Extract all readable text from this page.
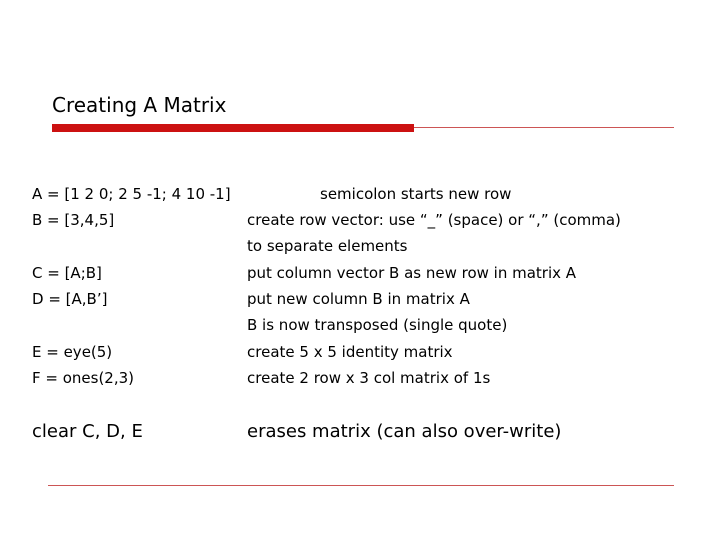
Creating A Matrix
A = [1 2 0; 2 5 -1; 4 10 -1]	semicolon starts new row
B = [3,4,5]	create row vector: use “_” (space) or “,” (comma)
to separate elements
C = [A;B]	put column vector B as new row in matrix A
D = [A,B’]	put new column B in matrix A
B is now transposed (single quote)
E = eye(5)	create 5 x 5 identity matrix
F = ones(2,3)	create 2 row x 3 col matrix of 1s
clear C, D, E	erases matrix (can also over-write)
